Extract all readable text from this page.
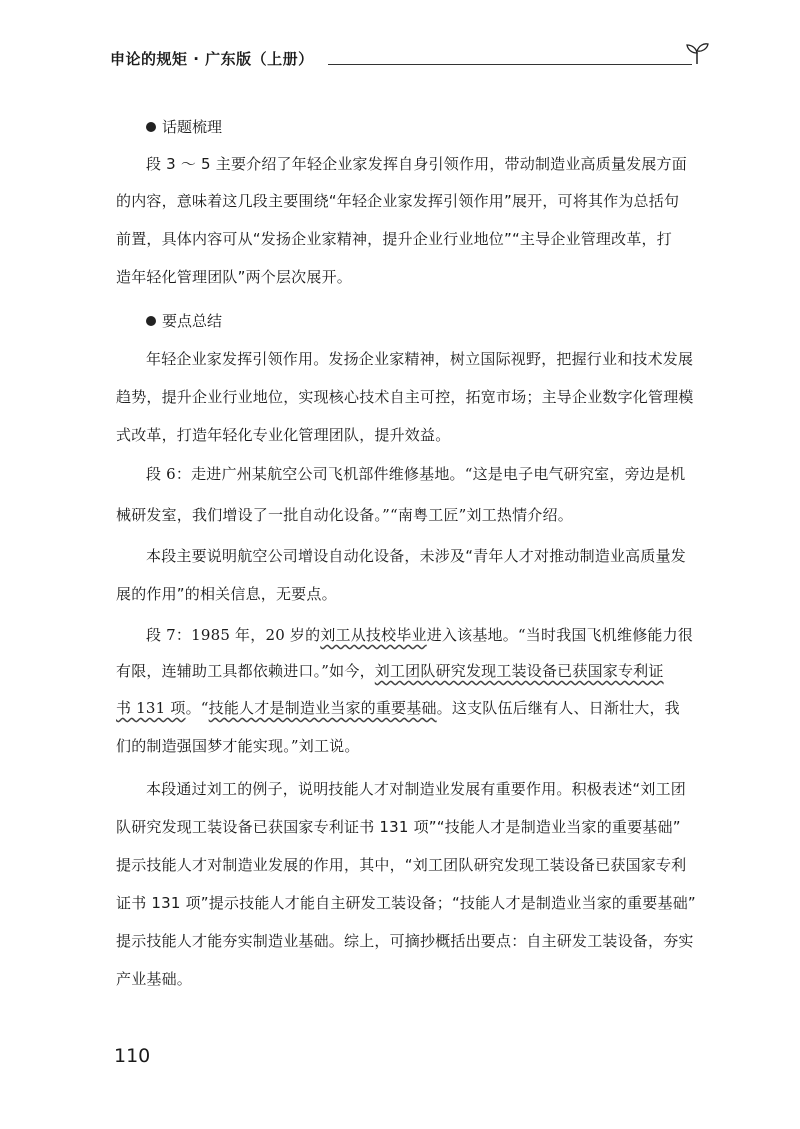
申论的规矩 · 广东版（上册）
话题梳理
段 3 ～ 5 主要介绍了年轻企业家发挥自身引领作用，带动制造业高质量发展方面
的内容，意味着这几段主要围绕“年轻企业家发挥引领作用”展开，可将其作为总括句
前置，具体内容可从“发扬企业家精神，提升企业行业地位”“主导企业管理改革，打
造年轻化管理团队”两个层次展开。
要点总结
年轻企业家发挥引领作用。发扬企业家精神，树立国际视野，把握行业和技术发展
趋势，提升企业行业地位，实现核心技术自主可控，拓宽市场；主导企业数字化管理模
式改革，打造年轻化专业化管理团队，提升效益。
段 6：走进广州某航空公司飞机部件维修基地。“这是电子电气研究室，旁边是机
械研发室，我们增设了一批自动化设备。”“南粤工匠”刘工热情介绍。
本段主要说明航空公司增设自动化设备，未涉及“青年人才对推动制造业高质量发
展的作用”的相关信息，无要点。
段 7：1985 年，20 岁的刘工从技校毕业进入该基地。“当时我国飞机维修能力很
有限，连辅助工具都依赖进口。”如今，刘工团队研究发现工装设备已获国家专利证
书 131 项。“技能人才是制造业当家的重要基础。这支队伍后继有人、日渐壮大，我
们的制造强国梦才能实现。”刘工说。
本段通过刘工的例子，说明技能人才对制造业发展有重要作用。积极表述“刘工团
队研究发现工装设备已获国家专利证书 131 项”“技能人才是制造业当家的重要基础”
提示技能人才对制造业发展的作用，其中，“刘工团队研究发现工装设备已获国家专利
证书 131 项”提示技能人才能自主研发工装设备；“技能人才是制造业当家的重要基础”
提示技能人才能夯实制造业基础。综上，可摘抄概括出要点：自主研发工装设备，夯实
产业基础。
110
